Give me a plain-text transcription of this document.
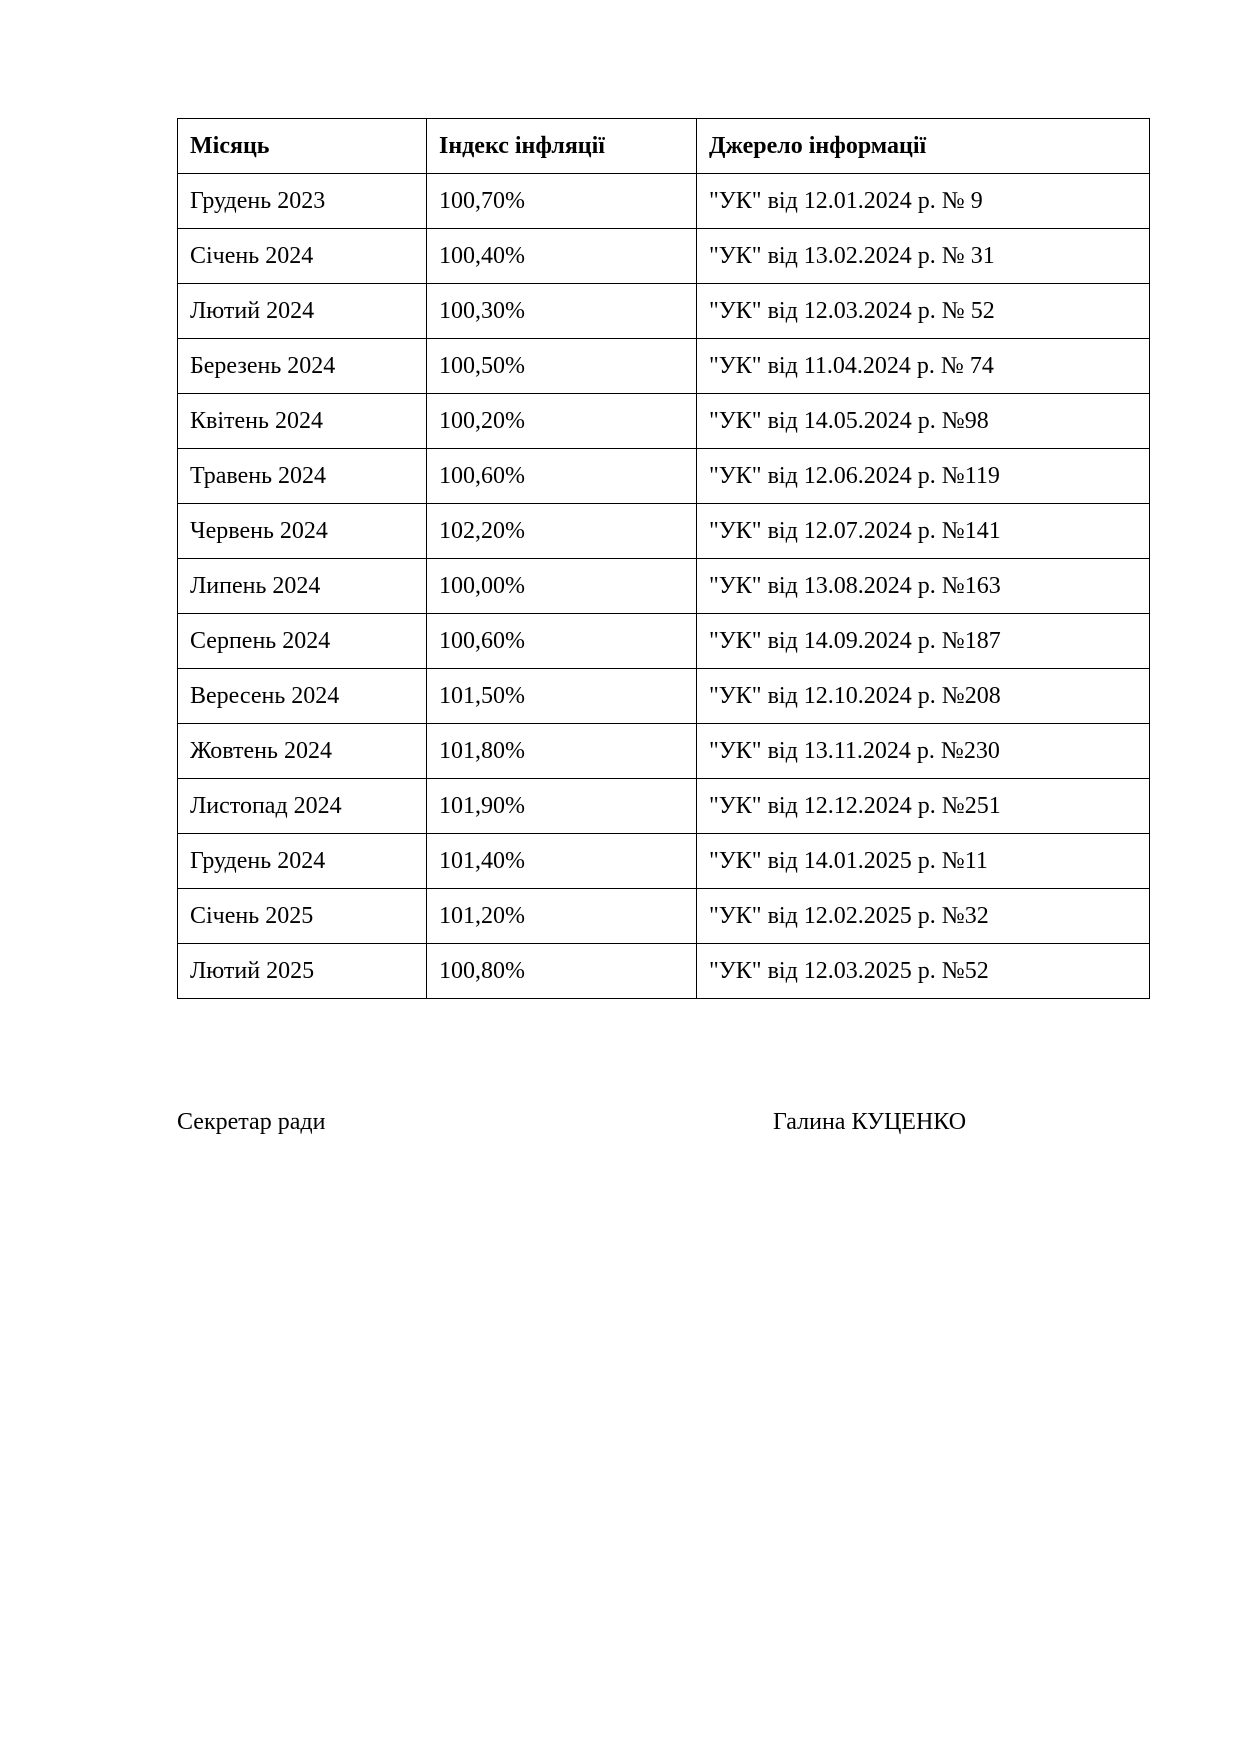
Місяць	Індекс інфляції	Джерело інформації
Грудень 2023	100,70%	"УК" від 12.01.2024 р. № 9
Січень 2024	100,40%	"УК" від 13.02.2024 р. № 31
Лютий 2024	100,30%	"УК" від 12.03.2024 р. № 52
Березень 2024	100,50%	"УК" від 11.04.2024 р. № 74
Квітень 2024	100,20%	"УК" від 14.05.2024 р. №98
Травень 2024	100,60%	"УК" від 12.06.2024 р. №119
Червень 2024	102,20%	"УК" від 12.07.2024 р. №141
Липень 2024	100,00%	"УК" від 13.08.2024 р. №163
Серпень 2024	100,60%	"УК" від 14.09.2024 р. №187
Вересень 2024	101,50%	"УК" від 12.10.2024 р. №208
Жовтень 2024	101,80%	"УК" від 13.11.2024 р. №230
Листопад 2024	101,90%	"УК" від 12.12.2024 р. №251
Грудень 2024	101,40%	"УК" від 14.01.2025 р. №11
Січень 2025	101,20%	"УК" від 12.02.2025 р. №32
Лютий 2025	100,80%	"УК" від 12.03.2025 р. №52
Секретар ради	Галина КУЦЕНКО
